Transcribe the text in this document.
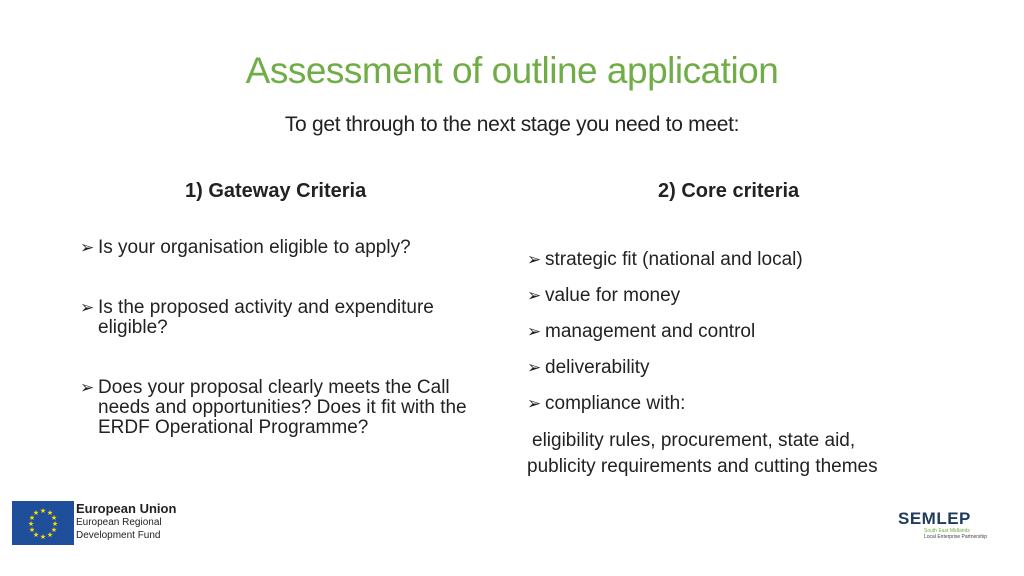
Assessment of outline application
To get through to the next stage you need to meet:
1) Gateway Criteria	2) Core criteria
➢ Is your organisation eligible to apply?
➢ Is the proposed activity and expenditure eligible?
➢ Does your proposal clearly meets the Call needs and opportunities? Does it fit with the ERDF Operational Programme?
➢ strategic fit (national and local)
➢ value for money
➢ management and control
➢ deliverability
➢ compliance with:

eligibility rules, procurement, state aid,
publicity requirements and cutting themes

★ ★
★
★
★
★
★
★
★
★
★
★	European Union
European Regional
Development Fund
SEMLEP
South East Midlands
Local Enterprise Partnership
